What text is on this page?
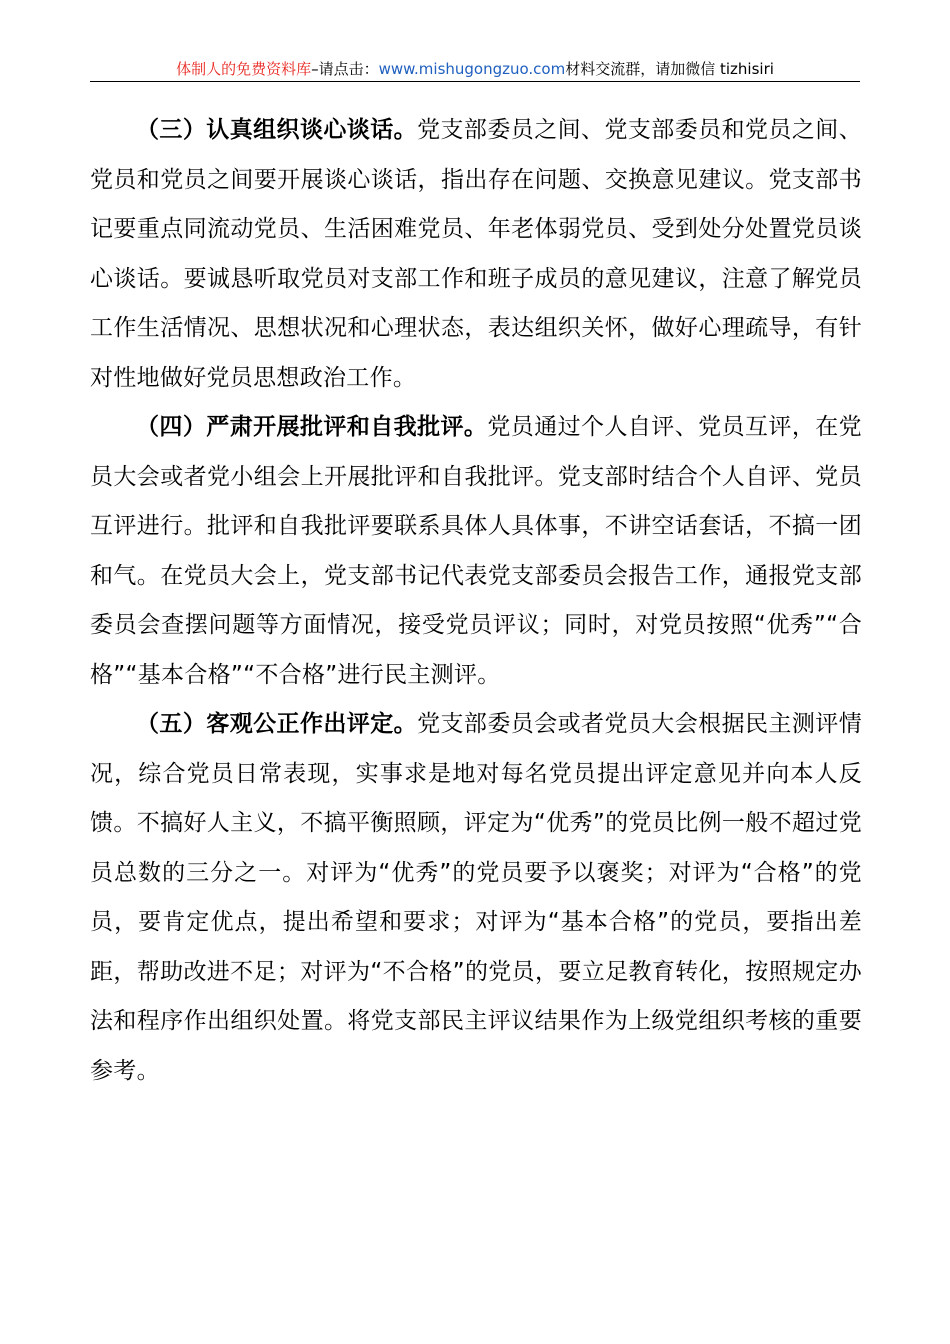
体制人的免费资料库–请点击：www.mishugongzuo.com材料交流群，请加微信 tizhisiri

（三）认真组织谈心谈话。党支部委员之间、党支部委员和党员之间、党员和党员之间要开展谈心谈话，指出存在问题、交换意见建议。党支部书记要重点同流动党员、生活困难党员、年老体弱党员、受到处分处置党员谈心谈话。要诚恳听取党员对支部工作和班子成员的意见建议，注意了解党员工作生活情况、思想状况和心理状态，表达组织关怀，做好心理疏导，有针对性地做好党员思想政治工作。

（四）严肃开展批评和自我批评。党员通过个人自评、党员互评，在党员大会或者党小组会上开展批评和自我批评。党支部时结合个人自评、党员互评进行。批评和自我批评要联系具体人具体事，不讲空话套话，不搞一团和气。在党员大会上，党支部书记代表党支部委员会报告工作，通报党支部委员会查摆问题等方面情况，接受党员评议；同时，对党员按照“优秀”“合格”“基本合格”“不合格”进行民主测评。

（五）客观公正作出评定。党支部委员会或者党员大会根据民主测评情况，综合党员日常表现，实事求是地对每名党员提出评定意见并向本人反馈。不搞好人主义，不搞平衡照顾，评定为“优秀”的党员比例一般不超过党员总数的三分之一。对评为“优秀”的党员要予以褒奖；对评为“合格”的党员，要肯定优点，提出希望和要求；对评为“基本合格”的党员，要指出差距，帮助改进不足；对评为“不合格”的党员，要立足教育转化，按照规定办法和程序作出组织处置。将党支部民主评议结果作为上级党组织考核的重要参考。
